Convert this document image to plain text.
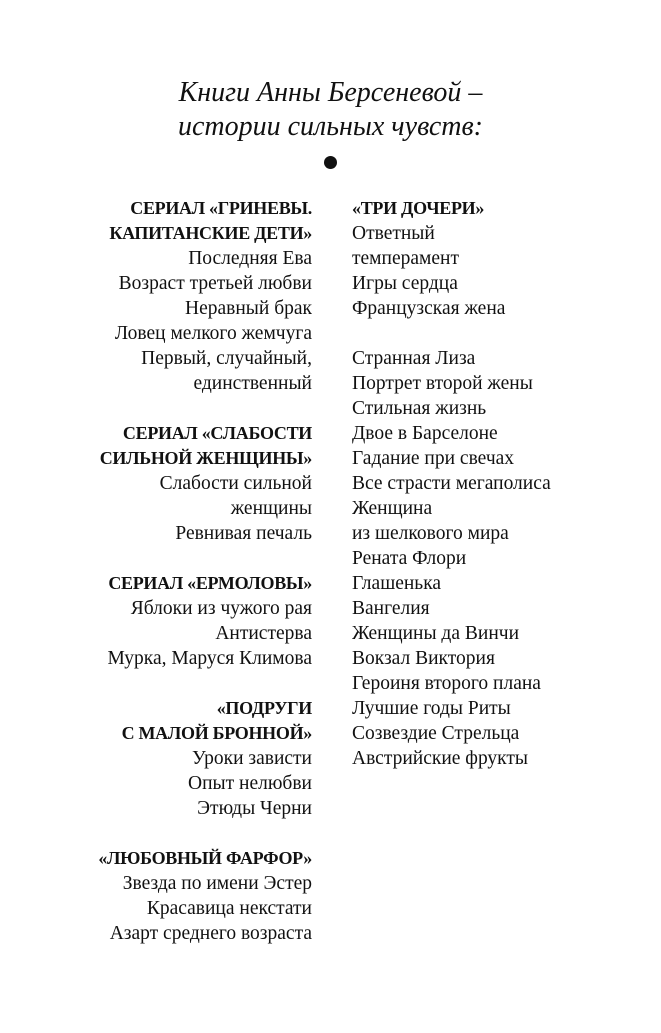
Книги Анны Берсеневой –
истории сильных чувств:
СЕРИАЛ «ГРИНЕВЫ.
КАПИТАНСКИЕ ДЕТИ»
Последняя Ева
Возраст третьей любви
Неравный брак
Ловец мелкого жемчуга
Первый, случайный,
единственный
СЕРИАЛ «СЛАБОСТИ
СИЛЬНОЙ ЖЕНЩИНЫ»
Слабости сильной
женщины
Ревнивая печаль
СЕРИАЛ «ЕРМОЛОВЫ»
Яблоки из чужого рая
Антистерва
Мурка, Маруся Климова
«ПОДРУГИ
С МАЛОЙ БРОННОЙ»
Уроки зависти
Опыт нелюбви
Этюды Черни
«ЛЮБОВНЫЙ ФАРФОР»
Звезда по имени Эстер
Красавица некстати
Азарт среднего возраста
«ТРИ ДОЧЕРИ»
Ответный
темперамент
Игры сердца
Французская жена
Странная Лиза
Портрет второй жены
Стильная жизнь
Двое в Барселоне
Гадание при свечах
Все страсти мегаполиса
Женщина
из шелкового мира
Рената Флори
Глашенька
Вангелия
Женщины да Винчи
Вокзал Виктория
Героиня второго плана
Лучшие годы Риты
Созвездие Стрельца
Австрийские фрукты
